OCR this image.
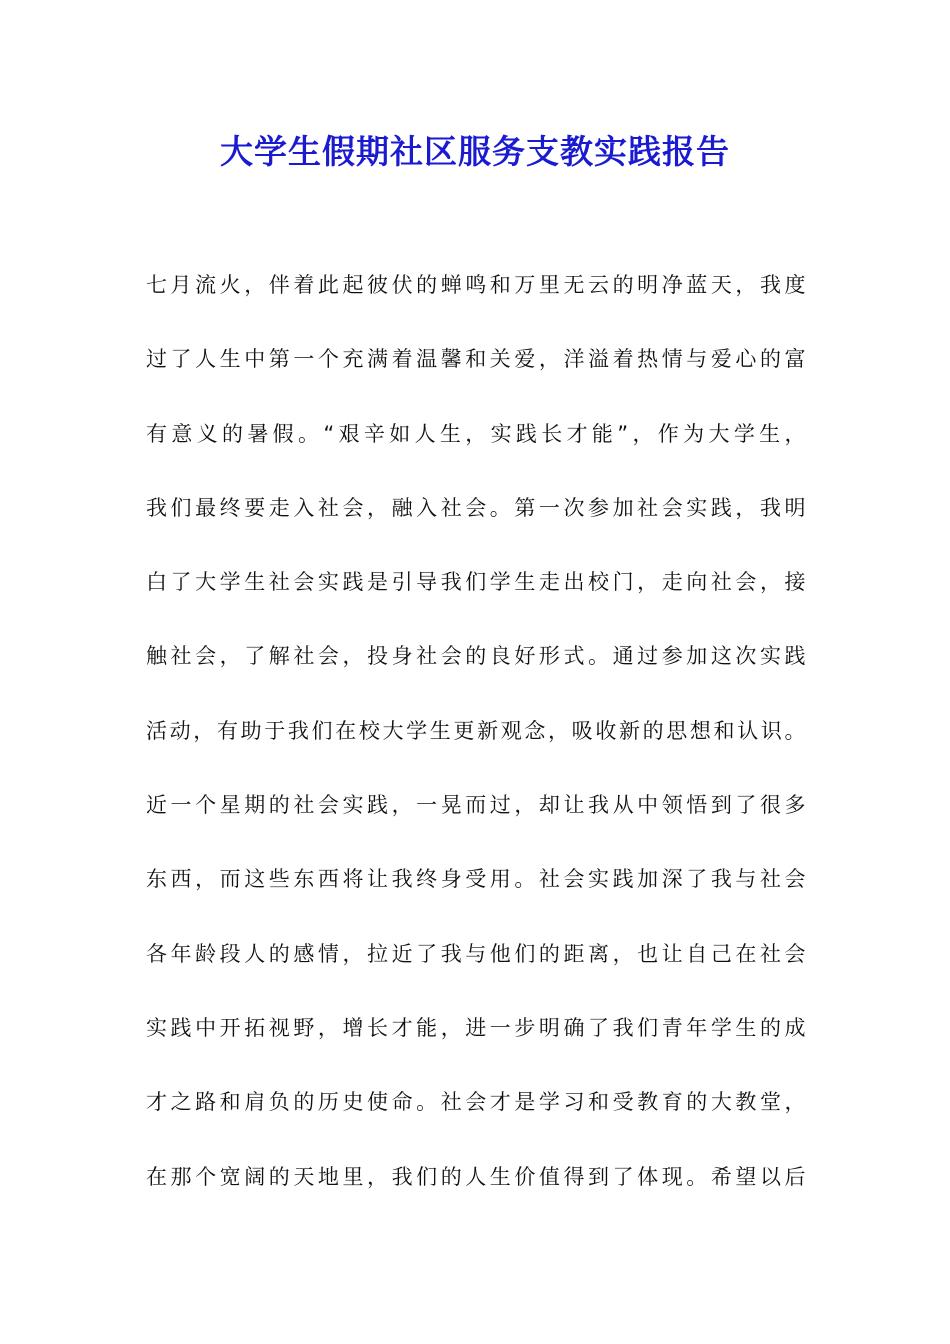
大学生假期社区服务支教实践报告
七月流火，伴着此起彼伏的蝉鸣和万里无云的明净蓝天，我度
过了人生中第一个充满着温馨和关爱，洋溢着热情与爱心的富
有意义的暑假。“艰辛如人生，实践长才能”，作为大学生，
我们最终要走入社会，融入社会。第一次参加社会实践，我明
白了大学生社会实践是引导我们学生走出校门，走向社会，接
触社会，了解社会，投身社会的良好形式。通过参加这次实践
活动，有助于我们在校大学生更新观念，吸收新的思想和认识。
近一个星期的社会实践，一晃而过，却让我从中领悟到了很多
东西，而这些东西将让我终身受用。社会实践加深了我与社会
各年龄段人的感情，拉近了我与他们的距离，也让自己在社会
实践中开拓视野，增长才能，进一步明确了我们青年学生的成
才之路和肩负的历史使命。社会才是学习和受教育的大教堂，
在那个宽阔的天地里，我们的人生价值得到了体现。希望以后
